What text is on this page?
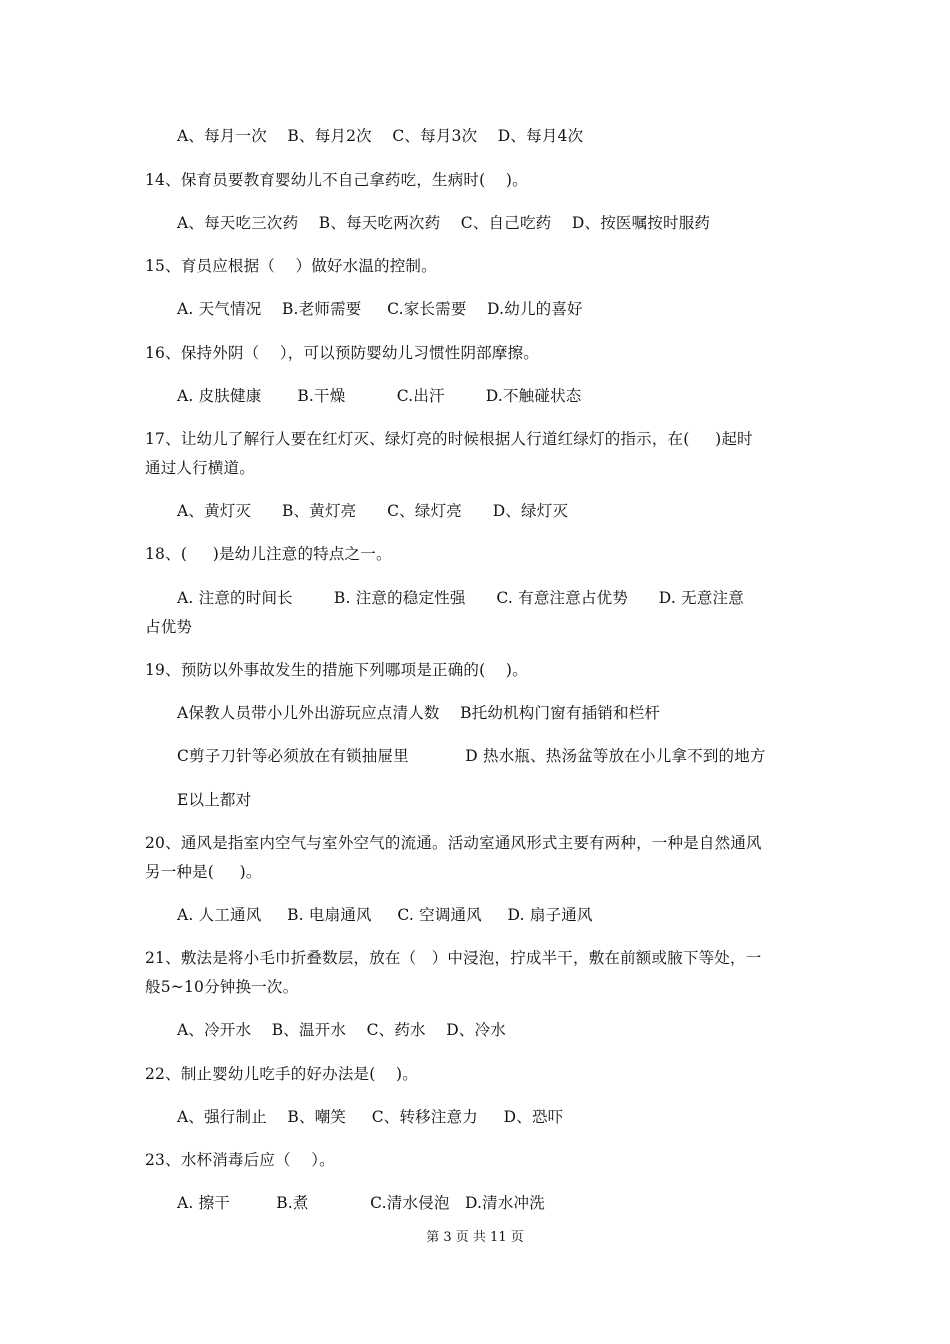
A、每月一次    B、每月2次    C、每月3次    D、每月4次
14、保育员要教育婴幼儿不自己拿药吃，生病时(    )。
A、每天吃三次药    B、每天吃两次药    C、自己吃药    D、按医嘱按时服药
15、育员应根据（    ）做好水温的控制。
A. 天气情况    B.老师需要     C.家长需要    D.幼儿的喜好
16、保持外阴（    ），可以预防婴幼儿习惯性阴部摩擦。
A. 皮肤健康       B.干燥          C.出汗        D.不触碰状态
17、让幼儿了解行人要在红灯灭、绿灯亮的时候根据人行道红绿灯的指示，在(     )起时
通过人行横道。
A、黄灯灭      B、黄灯亮      C、绿灯亮      D、绿灯灭
18、(     )是幼儿注意的特点之一。
A. 注意的时间长        B. 注意的稳定性强      C. 有意注意占优势      D. 无意注意
占优势
19、预防以外事故发生的措施下列哪项是正确的(    )。
A保教人员带小儿外出游玩应点清人数    B托幼机构门窗有插销和栏杆
C剪子刀针等必须放在有锁抽屉里           D 热水瓶、热汤盆等放在小儿拿不到的地方
E以上都对
20、通风是指室内空气与室外空气的流通。活动室通风形式主要有两种，一种是自然通风
另一种是(     )。
A. 人工通风     B. 电扇通风     C. 空调通风     D. 扇子通风
21、敷法是将小毛巾折叠数层，放在（   ）中浸泡，拧成半干，敷在前额或腋下等处，一
般5~10分钟换一次。
A、冷开水    B、温开水    C、药水    D、冷水
22、制止婴幼儿吃手的好办法是(    )。
A、强行制止    B、嘲笑     C、转移注意力     D、恐吓
23、水杯消毒后应（    ）。
A. 擦干         B.煮            C.清水侵泡   D.清水冲洗
第 3 页 共 11 页
